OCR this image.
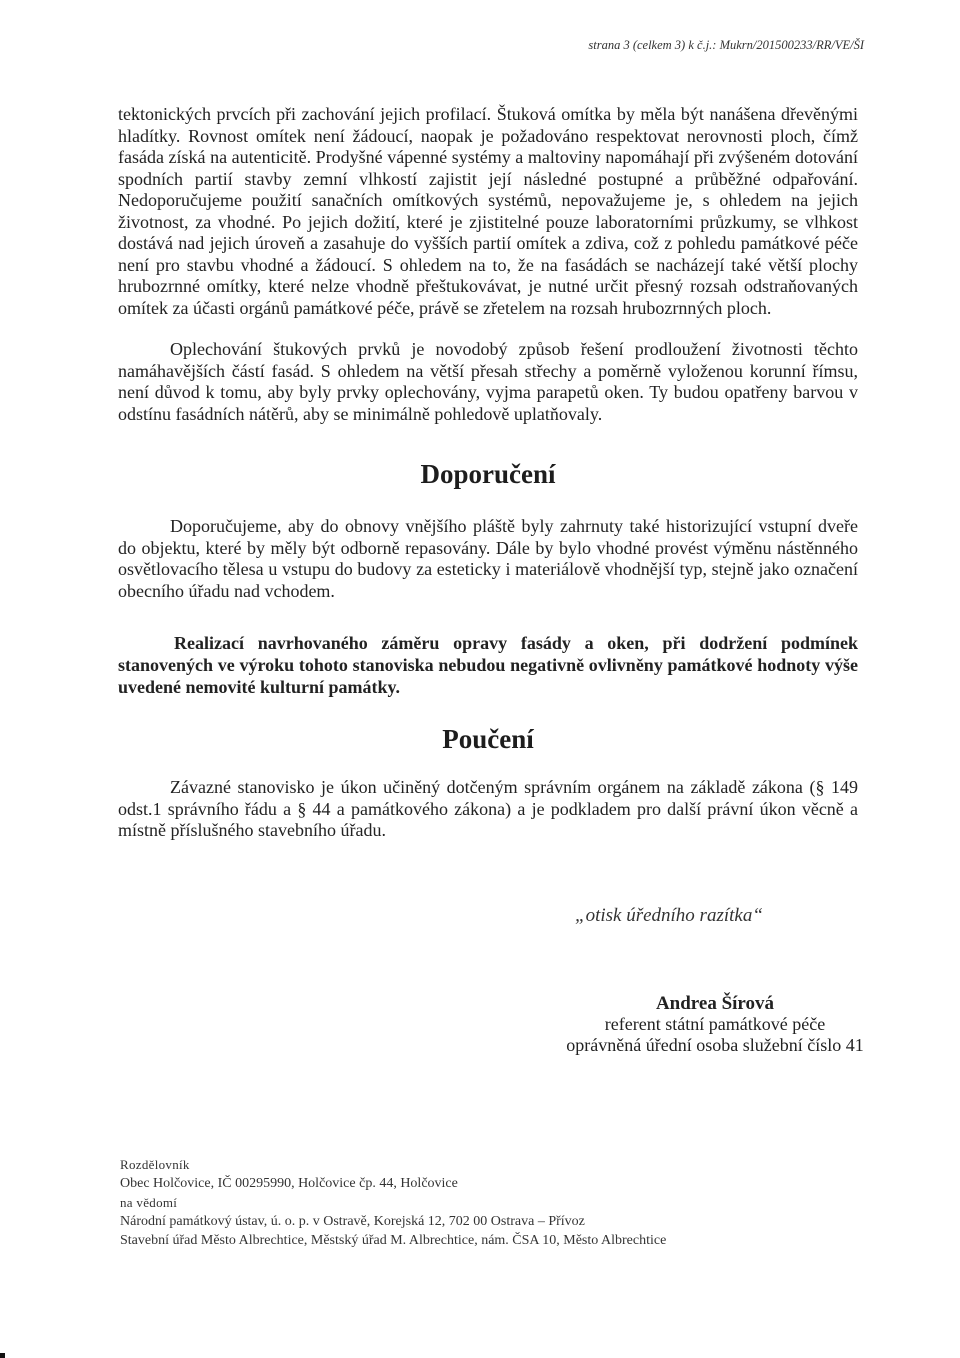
strana 3 (celkem 3) k č.j.: Mukrn/201500233/RR/VE/ŠI

tektonických prvcích při zachování jejich profilací. Štuková omítka by měla být nanášena dřevěnými hladítky. Rovnost omítek není žádoucí, naopak je požadováno respektovat nerovnosti ploch, čímž fasáda získá na autenticitě. Prodyšné vápenné systémy a maltoviny napomáhají při zvýšeném dotování spodních partií stavby zemní vlhkostí zajistit její následné postupné a průběžné odpařování. Nedoporučujeme použití sanačních omítkových systémů, nepovažujeme je, s ohledem na jejich životnost, za vhodné. Po jejich dožití, které je zjistitelné pouze laboratorními průzkumy, se vlhkost dostává nad jejich úroveň a zasahuje do vyšších partií omítek a zdiva, což z pohledu památkové péče není pro stavbu vhodné a žádoucí. S ohledem na to, že na fasádách se nacházejí také větší plochy hrubozrnné omítky, které nelze vhodně přeštukovávat, je nutné určit přesný rozsah odstraňovaných omítek za účasti orgánů památkové péče, právě se zřetelem na rozsah hrubozrnných ploch.

Oplechování štukových prvků je novodobý způsob řešení prodloužení životnosti těchto namáhavějších částí fasád. S ohledem na větší přesah střechy a poměrně vyloženou korunní římsu, není důvod k tomu, aby byly prvky oplechovány, vyjma parapetů oken. Ty budou opatřeny barvou v odstínu fasádních nátěrů, aby se minimálně pohledově uplatňovaly.

Doporučení

Doporučujeme, aby do obnovy vnějšího pláště byly zahrnuty také historizující vstupní dveře do objektu, které by měly být odborně repasovány. Dále by bylo vhodné provést výměnu nástěnného osvětlovacího tělesa u vstupu do budovy za esteticky i materiálově vhodnější typ, stejně jako označení obecního úřadu nad vchodem.

Realizací navrhovaného záměru opravy fasády a oken, při dodržení podmínek stanovených ve výroku tohoto stanoviska nebudou negativně ovlivněny památkové hodnoty výše uvedené nemovité kulturní památky.

Poučení

Závazné stanovisko je úkon učiněný dotčeným správním orgánem na základě zákona (§ 149 odst.1 správního řádu a § 44 a památkového zákona) a je podkladem pro další právní úkon věcně a místně příslušného stavebního úřadu.

„otisk úředního razítka“
Andrea Šírová
referent státní památkové péče
oprávněná úřední osoba služební číslo 41
Rozdělovník
Obec Holčovice, IČ 00295990, Holčovice čp. 44, Holčovice
na vědomí
Národní památkový ústav, ú. o. p. v Ostravě, Korejská 12, 702 00 Ostrava – Přívoz
Stavební úřad Město Albrechtice, Městský úřad M. Albrechtice, nám. ČSA 10, Město Albrechtice
